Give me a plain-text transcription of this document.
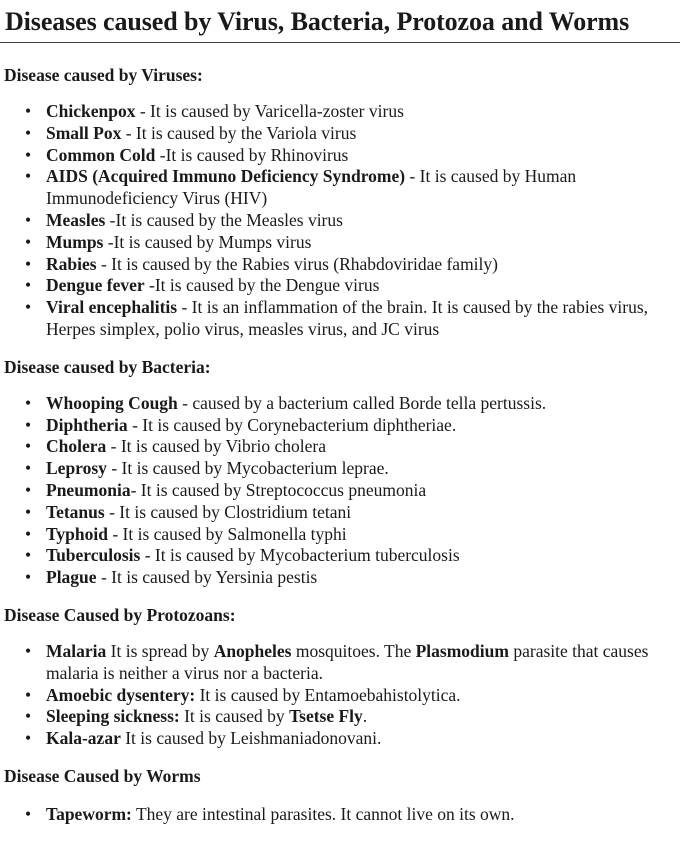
Diseases caused by Virus, Bacteria, Protozoa and Worms
Disease caused by Viruses:
• Chickenpox - It is caused by Varicella-zoster virus
• Small Pox - It is caused by the Variola virus
• Common Cold -It is caused by Rhinovirus
• AIDS (Acquired Immuno Deficiency Syndrome) - It is caused by Human Immunodeficiency Virus (HIV)
• Measles -It is caused by the Measles virus
• Mumps -It is caused by Mumps virus
• Rabies - It is caused by the Rabies virus (Rhabdoviridae family)
• Dengue fever -It is caused by the Dengue virus
• Viral encephalitis - It is an inflammation of the brain. It is caused by the rabies virus, Herpes simplex, polio virus, measles virus, and JC virus
Disease caused by Bacteria:
• Whooping Cough - caused by a bacterium called Borde tella pertussis.
• Diphtheria - It is caused by Corynebacterium diphtheriae.
• Cholera - It is caused by Vibrio cholera
• Leprosy - It is caused by Mycobacterium leprae.
• Pneumonia- It is caused by Streptococcus pneumonia
• Tetanus - It is caused by Clostridium tetani
• Typhoid - It is caused by Salmonella typhi
• Tuberculosis - It is caused by Mycobacterium tuberculosis
• Plague - It is caused by Yersinia pestis
Disease Caused by Protozoans:
• Malaria It is spread by Anopheles mosquitoes. The Plasmodium parasite that causes malaria is neither a virus nor a bacteria.
• Amoebic dysentery: It is caused by Entamoebahistolytica.
• Sleeping sickness: It is caused by Tsetse Fly.
• Kala-azar It is caused by Leishmaniadonovani.
Disease Caused by Worms
• Tapeworm: They are intestinal parasites. It cannot live on its own.
